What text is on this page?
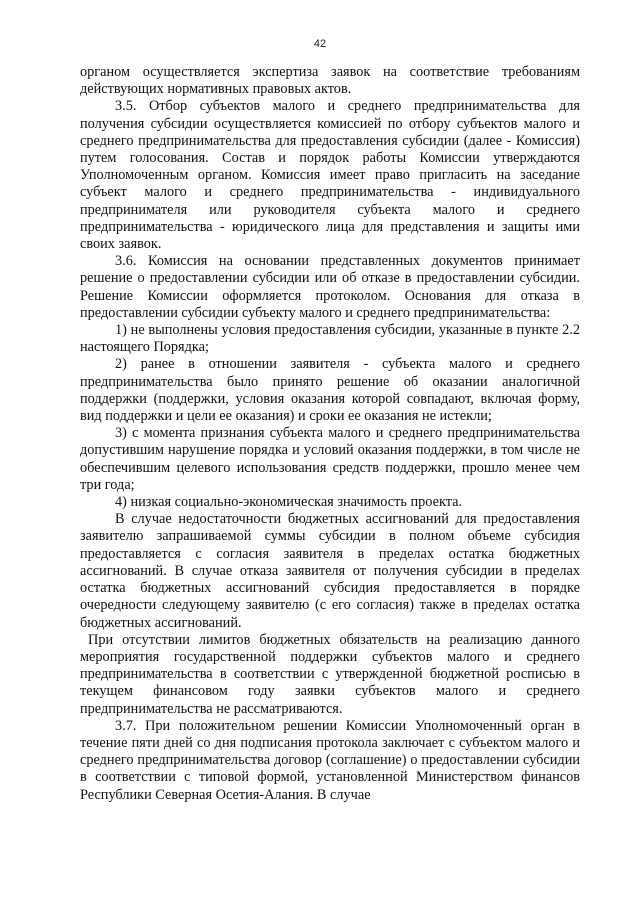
42

органом осуществляется экспертиза заявок на соответствие требованиям действующих нормативных правовых актов.

3.5. Отбор субъектов малого и среднего предпринимательства для получения субсидии осуществляется комиссией по отбору субъектов малого и среднего предпринимательства для предоставления субсидии (далее - Комиссия) путем голосования. Состав и порядок работы Комиссии утверждаются Уполномоченным органом. Комиссия имеет право пригласить на заседание субъект малого и среднего предпринимательства - индивидуального предпринимателя или руководителя субъекта малого и среднего предпринимательства - юридического лица для представления и защиты ими своих заявок.

3.6. Комиссия на основании представленных документов принимает решение о предоставлении субсидии или об отказе в предоставлении субсидии. Решение Комиссии оформляется протоколом. Основания для отказа в предоставлении субсидии субъекту малого и среднего предпринимательства:

1) не выполнены условия предоставления субсидии, указанные в пункте 2.2 настоящего Порядка;

2) ранее в отношении заявителя - субъекта малого и среднего предпринимательства было принято решение об оказании аналогичной поддержки (поддержки, условия оказания которой совпадают, включая форму, вид поддержки и цели ее оказания) и сроки ее оказания не истекли;

3) с момента признания субъекта малого и среднего предпринимательства допустившим нарушение порядка и условий оказания поддержки, в том числе не обеспечившим целевого использования средств поддержки, прошло менее чем три года;

4) низкая социально-экономическая значимость проекта.

В случае недостаточности бюджетных ассигнований для предоставления заявителю запрашиваемой суммы субсидии в полном объеме субсидия предоставляется с согласия заявителя в пределах остатка бюджетных ассигнований. В случае отказа заявителя от получения субсидии в пределах остатка бюджетных ассигнований субсидия предоставляется в порядке очередности следующему заявителю (с его согласия) также в пределах остатка бюджетных ассигнований.

При отсутствии лимитов бюджетных обязательств на реализацию данного мероприятия государственной поддержки субъектов малого и среднего предпринимательства в соответствии с утвержденной бюджетной росписью в текущем финансовом году заявки субъектов малого и среднего предпринимательства не рассматриваются.

3.7. При положительном решении Комиссии Уполномоченный орган в течение пяти дней со дня подписания протокола заключает с субъектом малого и среднего предпринимательства договор (соглашение) о предоставлении субсидии в соответствии с типовой формой, установленной Министерством финансов Республики Северная Осетия-Алания. В случае
